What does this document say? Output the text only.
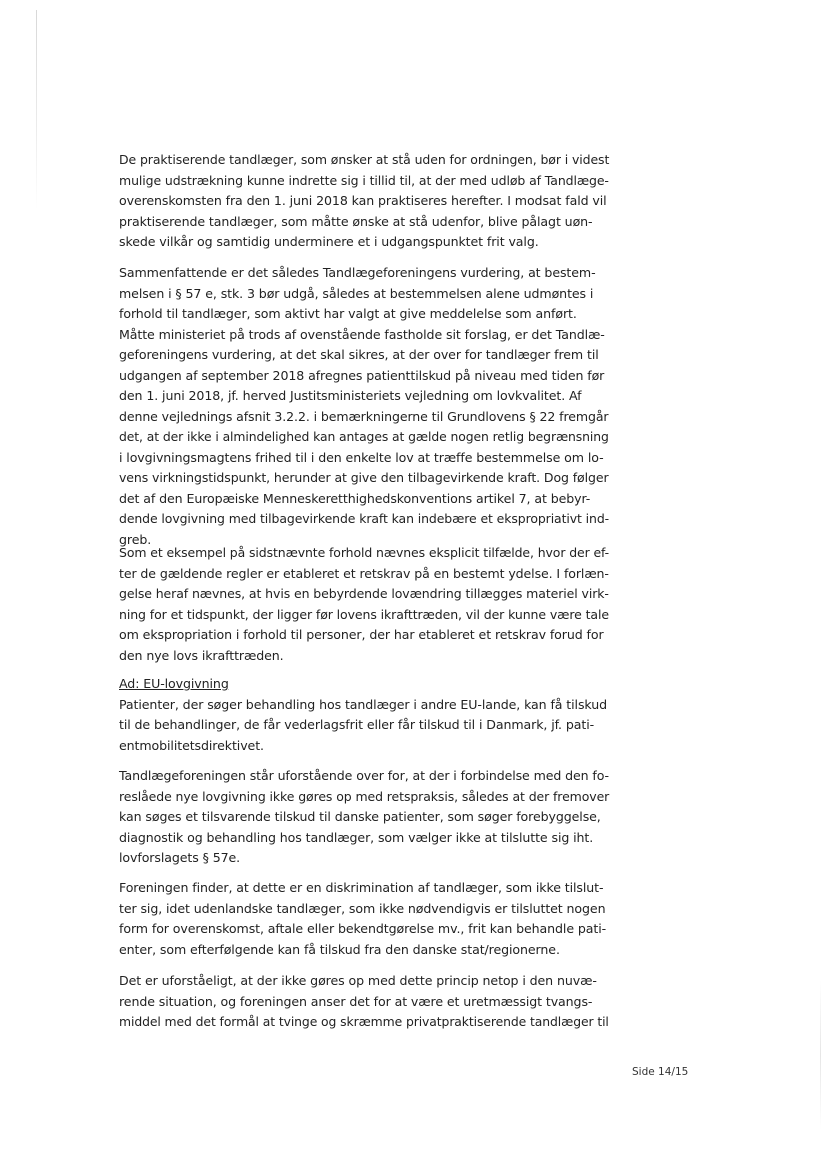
De praktiserende tandlæger, som ønsker at stå uden for ordningen, bør i videst
mulige udstrækning kunne indrette sig i tillid til, at der med udløb af Tandlæge-
overenskomsten fra den 1. juni 2018 kan praktiseres herefter. I modsat fald vil
praktiserende tandlæger, som måtte ønske at stå udenfor, blive pålagt uøn-
skede vilkår og samtidig underminere et i udgangspunktet frit valg.
Sammenfattende er det således Tandlægeforeningens vurdering, at bestem-
melsen i § 57 e, stk. 3 bør udgå, således at bestemmelsen alene udmøntes i
forhold til tandlæger, som aktivt har valgt at give meddelelse som anført.
Måtte ministeriet på trods af ovenstående fastholde sit forslag, er det Tandlæ-
geforeningens vurdering, at det skal sikres, at der over for tandlæger frem til
udgangen af september 2018 afregnes patienttilskud på niveau med tiden før
den 1. juni 2018, jf. herved Justitsministeriets vejledning om lovkvalitet. Af
denne vejlednings afsnit 3.2.2. i bemærkningerne til Grundlovens § 22 fremgår
det, at der ikke i almindelighed kan antages at gælde nogen retlig begrænsning
i lovgivningsmagtens frihed til i den enkelte lov at træffe bestemmelse om lo-
vens virkningstidspunkt, herunder at give den tilbagevirkende kraft. Dog følger
det af den Europæiske Menneskeretthighedskonventions artikel 7, at bebyr-
dende lovgivning med tilbagevirkende kraft kan indebære et ekspropriativt ind-
greb.
Som et eksempel på sidstnævnte forhold nævnes eksplicit tilfælde, hvor der ef-
ter de gældende regler er etableret et retskrav på en bestemt ydelse. I forlæn-
gelse heraf nævnes, at hvis en bebyrdende lovændring tillægges materiel virk-
ning for et tidspunkt, der ligger før lovens ikrafttræden, vil der kunne være tale
om ekspropriation i forhold til personer, der har etableret et retskrav forud for
den nye lovs ikrafttræden.
Ad: EU-lovgivning
Patienter, der søger behandling hos tandlæger i andre EU-lande, kan få tilskud
til de behandlinger, de får vederlagsfrit eller får tilskud til i Danmark, jf. pati-
entmobilitetsdirektivet.
Tandlægeforeningen står uforstående over for, at der i forbindelse med den fo-
reslåede nye lovgivning ikke gøres op med retspraksis, således at der fremover
kan søges et tilsvarende tilskud til danske patienter, som søger forebyggelse,
diagnostik og behandling hos tandlæger, som vælger ikke at tilslutte sig iht.
lovforslagets § 57e.
Foreningen finder, at dette er en diskrimination af tandlæger, som ikke tilslut-
ter sig, idet udenlandske tandlæger, som ikke nødvendigvis er tilsluttet nogen
form for overenskomst, aftale eller bekendtgørelse mv., frit kan behandle pati-
enter, som efterfølgende kan få tilskud fra den danske stat/regionerne.
Det er uforståeligt, at der ikke gøres op med dette princip netop i den nuvæ-
rende situation, og foreningen anser det for at være et uretmæssigt tvangs-
middel med det formål at tvinge og skræmme privatpraktiserende tandlæger til
Side 14/15
